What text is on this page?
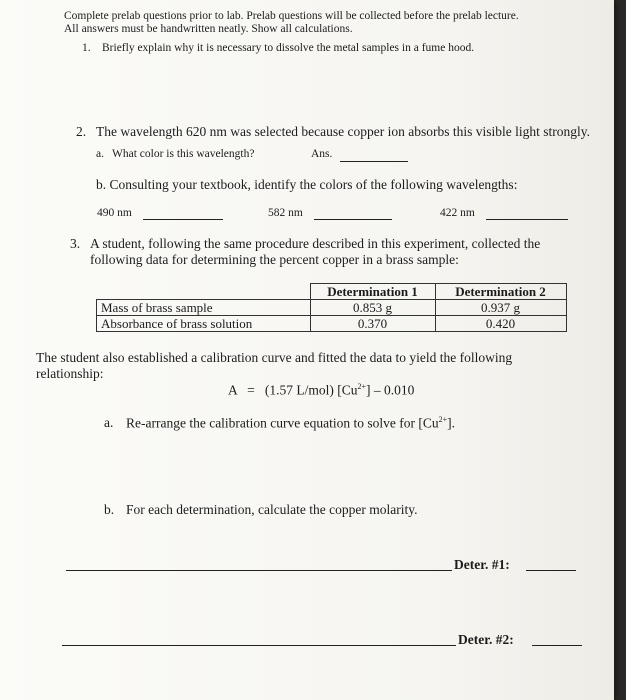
Complete prelab questions prior to lab. Prelab questions will be collected before the prelab lecture.
All answers must be handwritten neatly. Show all calculations.
1. Briefly explain why it is necessary to dissolve the metal samples in a fume hood.
2. The wavelength 620 nm was selected because copper ion absorbs this visible light strongly.
a. What color is this wavelength?	Ans.
b. Consulting your textbook, identify the colors of the following wavelengths:
490 nm	582 nm	422 nm
3. A student, following the same procedure described in this experiment, collected the
following data for determining the percent copper in a brass sample:
	Determination 1	Determination 2
Mass of brass sample	0.853 g	0.937 g
Absorbance of brass solution	0.370	0.420
The student also established a calibration curve and fitted the data to yield the following
relationship:
A = (1.57 L/mol) $[Cu^{2+}] - 0.010$
a. Re-arrange the calibration curve equation to solve for $[Cu^{2+}]$.
b. For each determination, calculate the copper molarity.
Deter. #1:
Deter. #2:
